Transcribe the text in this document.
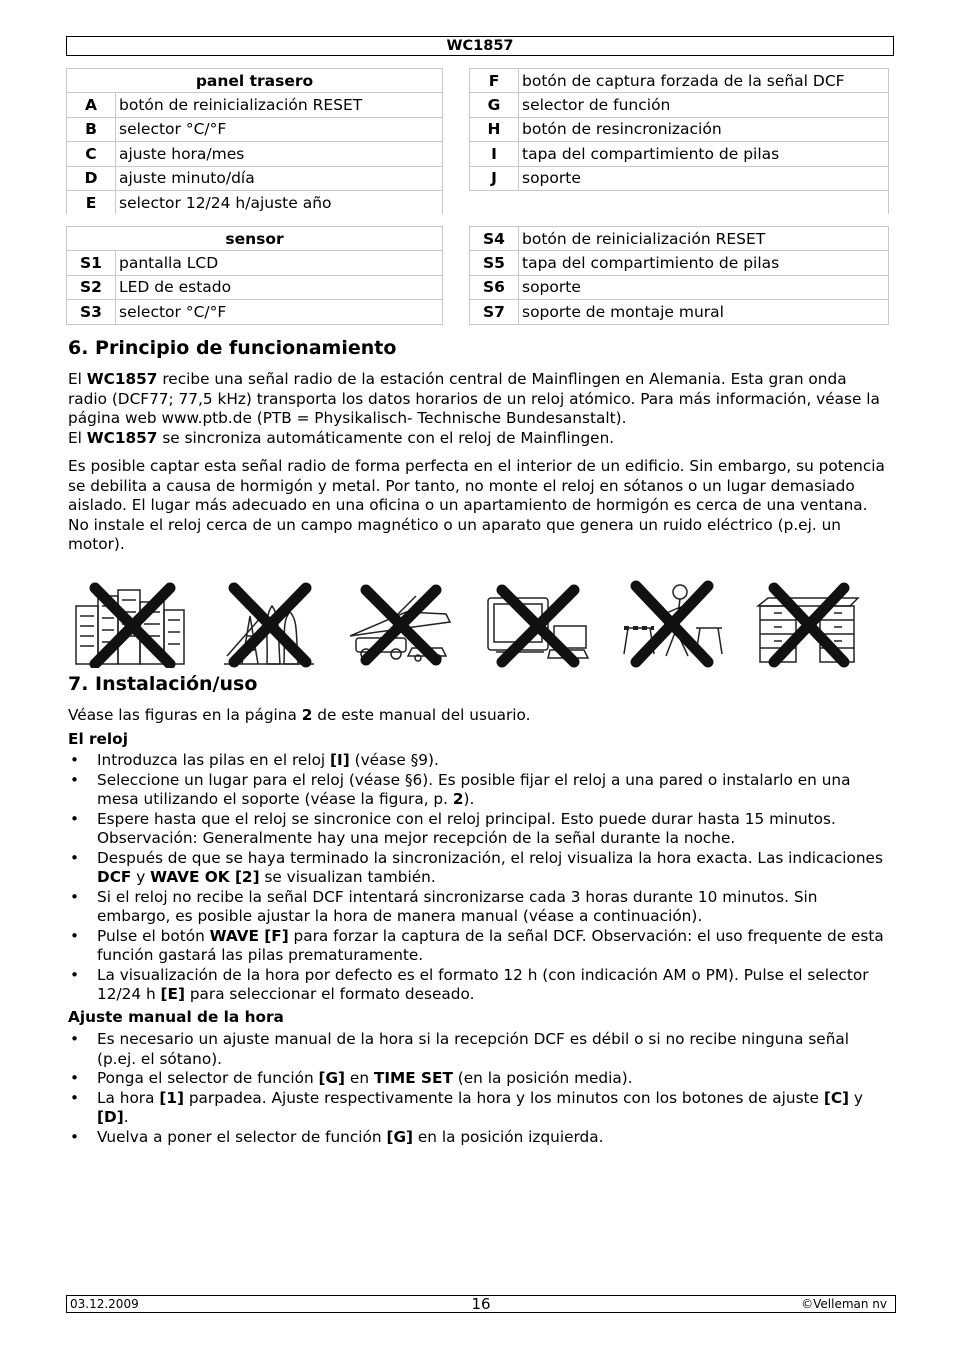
WC1857
panel trasero			F	botón de captura forzada de la señal DCF
A	botón de reinicialización RESET		G	selector de función
B	selector °C/°F		H	botón de resincronización
C	ajuste hora/mes		I	tapa del compartimiento de pilas
D	ajuste minuto/día		J	soporte
E	selector 12/24 h/ajuste año			
sensor			S4	botón de reinicialización RESET
S1	pantalla LCD		S5	tapa del compartimiento de pilas
S2	LED de estado		S6	soporte
S3	selector °C/°F		S7	soporte de montaje mural
6. Principio de funcionamiento

El WC1857 recibe una señal radio de la estación central de Mainflingen en Alemania. Esta gran onda radio (DCF77; 77,5 kHz) transporta los datos horarios de un reloj atómico. Para más información, véase la página web www.ptb.de (PTB = Physikalisch- Technische Bundesanstalt).
El WC1857 se sincroniza automáticamente con el reloj de Mainflingen.

Es posible captar esta señal radio de forma perfecta en el interior de un edificio. Sin embargo, su potencia se debilita a causa de hormigón y metal. Por tanto, no monte el reloj en sótanos o un lugar demasiado aislado. El lugar más adecuado en una oficina o un apartamiento de hormigón es cerca de una ventana.

No instale el reloj cerca de un campo magnético o un aparato que genera un ruido eléctrico (p.ej. un motor).

7. Instalación/uso

Véase las figuras en la página 2 de este manual del usuario.

El reloj
• Introduzca las pilas en el reloj [I] (véase §9).
• Seleccione un lugar para el reloj (véase §6). Es posible fijar el reloj a una pared o instalarlo en una mesa utilizando el soporte (véase la figura, p. 2).
• Espere hasta que el reloj se sincronice con el reloj principal. Esto puede durar hasta 15 minutos. Observación: Generalmente hay una mejor recepción de la señal durante la noche.
• Después de que se haya terminado la sincronización, el reloj visualiza la hora exacta. Las indicaciones DCF y WAVE OK [2] se visualizan también.
• Si el reloj no recibe la señal DCF intentará sincronizarse cada 3 horas durante 10 minutos. Sin embargo, es posible ajustar la hora de manera manual (véase a continuación).
• Pulse el botón WAVE [F] para forzar la captura de la señal DCF. Observación: el uso frequente de esta función gastará las pilas prematuramente.
• La visualización de la hora por defecto es el formato 12 h (con indicación AM o PM). Pulse el selector 12/24 h [E] para seleccionar el formato deseado.
Ajuste manual de la hora
• Es necesario un ajuste manual de la hora si la recepción DCF es débil o si no recibe ninguna señal (p.ej. el sótano).
• Ponga el selector de función [G] en TIME SET (en la posición media).
• La hora [1] parpadea. Ajuste respectivamente la hora y los minutos con los botones de ajuste [C] y [D].
• Vuelva a poner el selector de función [G] en la posición izquierda.
03.12.2009	16	©Velleman nv
